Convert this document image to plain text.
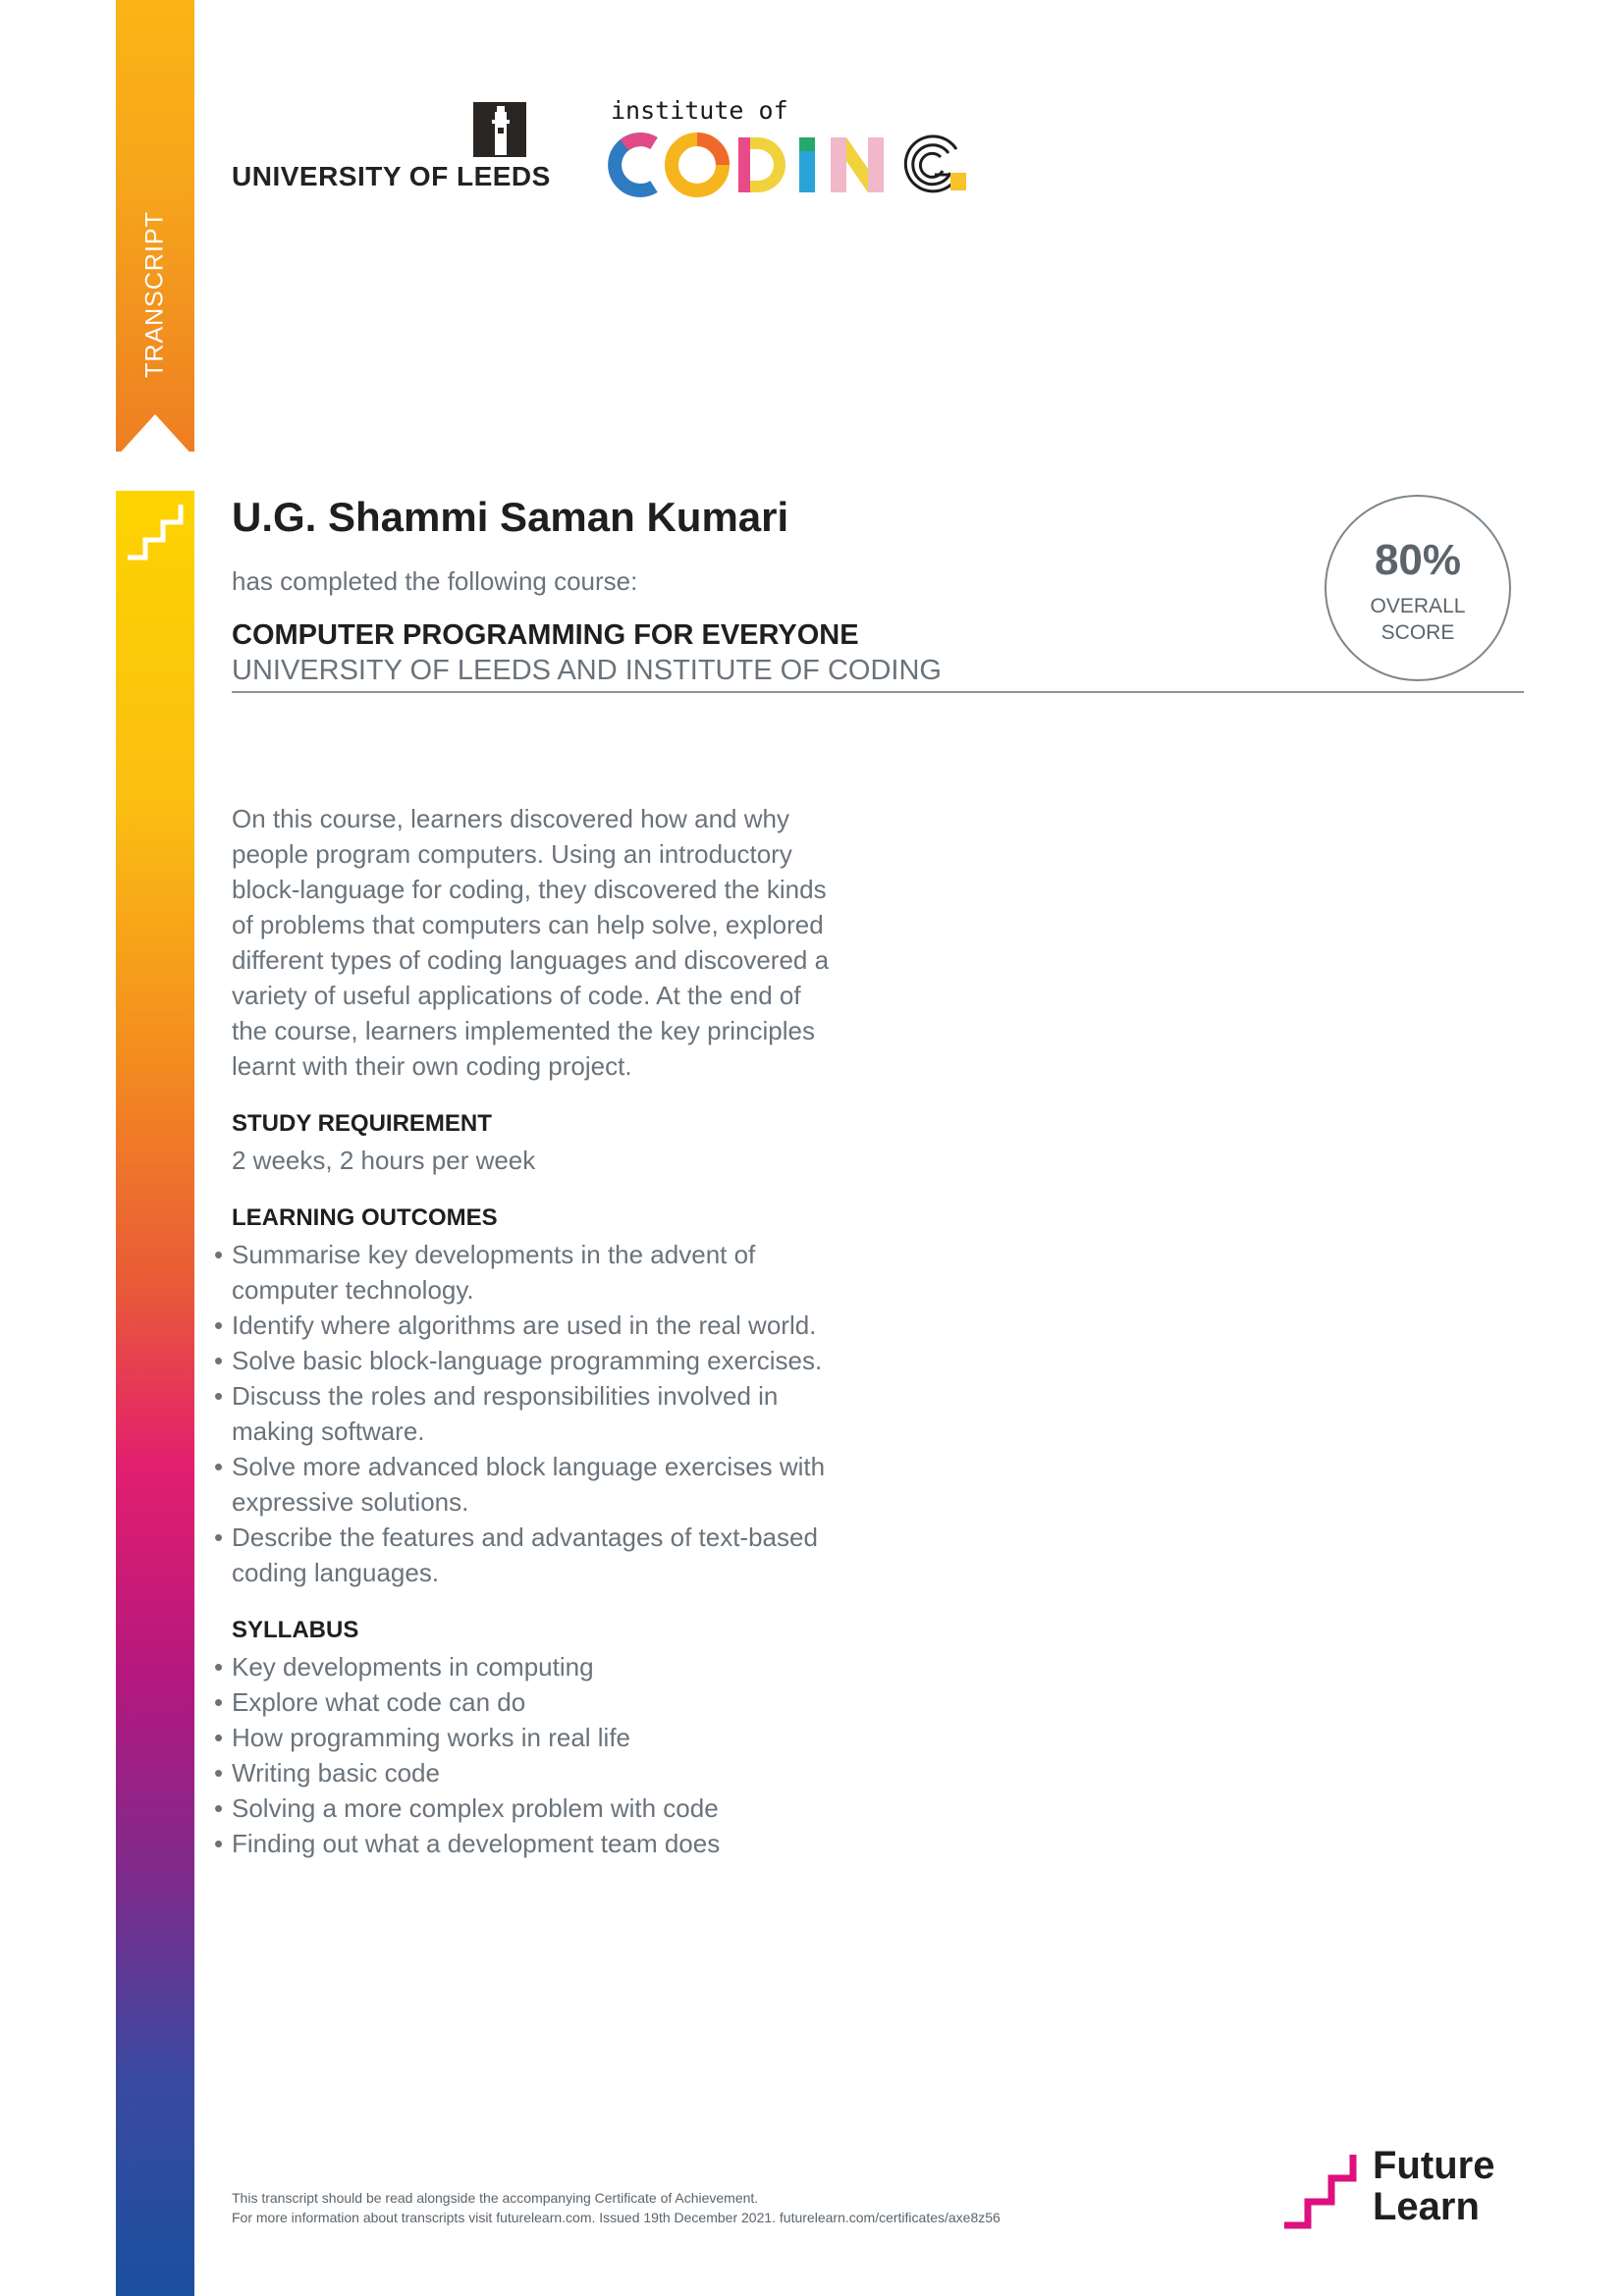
TRANSCRIPT
UNIVERSITY OF LEEDS
institute of
U.G. Shammi Saman Kumari
has completed the following course:
COMPUTER PROGRAMMING FOR EVERYONE
UNIVERSITY OF LEEDS AND INSTITUTE OF CODING
80%
OVERALL
SCORE

On this course, learners discovered how and why people program computers. Using an introductory block-language for coding, they discovered the kinds of problems that computers can help solve, explored different types of coding languages and discovered a variety of useful applications of code. At the end of the course, learners implemented the key principles learnt with their own coding project.

STUDY REQUIREMENT
2 weeks, 2 hours per week
LEARNING OUTCOMES
• Summarise key developments in the advent of computer technology.
• Identify where algorithms are used in the real world.
• Solve basic block-language programming exercises.
• Discuss the roles and responsibilities involved in making software.
• Solve more advanced block language exercises with expressive solutions.
• Describe the features and advantages of text-based coding languages.
SYLLABUS
• Key developments in computing
• Explore what code can do
• How programming works in real life
• Writing basic code
• Solving a more complex problem with code
• Finding out what a development team does
This transcript should be read alongside the accompanying Certificate of Achievement.
For more information about transcripts visit futurelearn.com. Issued 19th December 2021. futurelearn.com/certificates/axe8z56
Future
Learn
